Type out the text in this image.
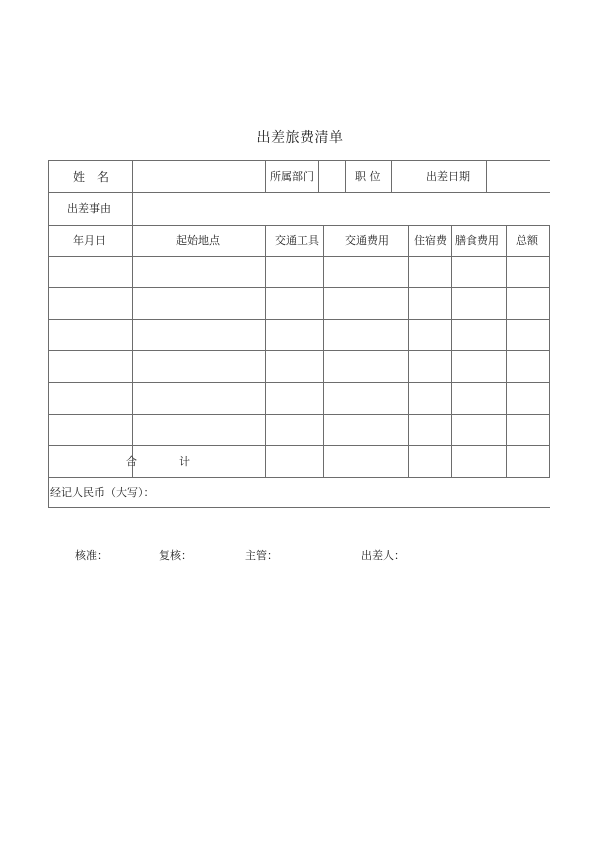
出差旅费清单
姓　名	所属部门	职 位	出差日期
出差事由
年月日	起始地点	交通工具 交通费用 住宿费 膳食费用 总额
合	计
经记人民币（大写）：
核准：	复核：	主管：	出差人：
